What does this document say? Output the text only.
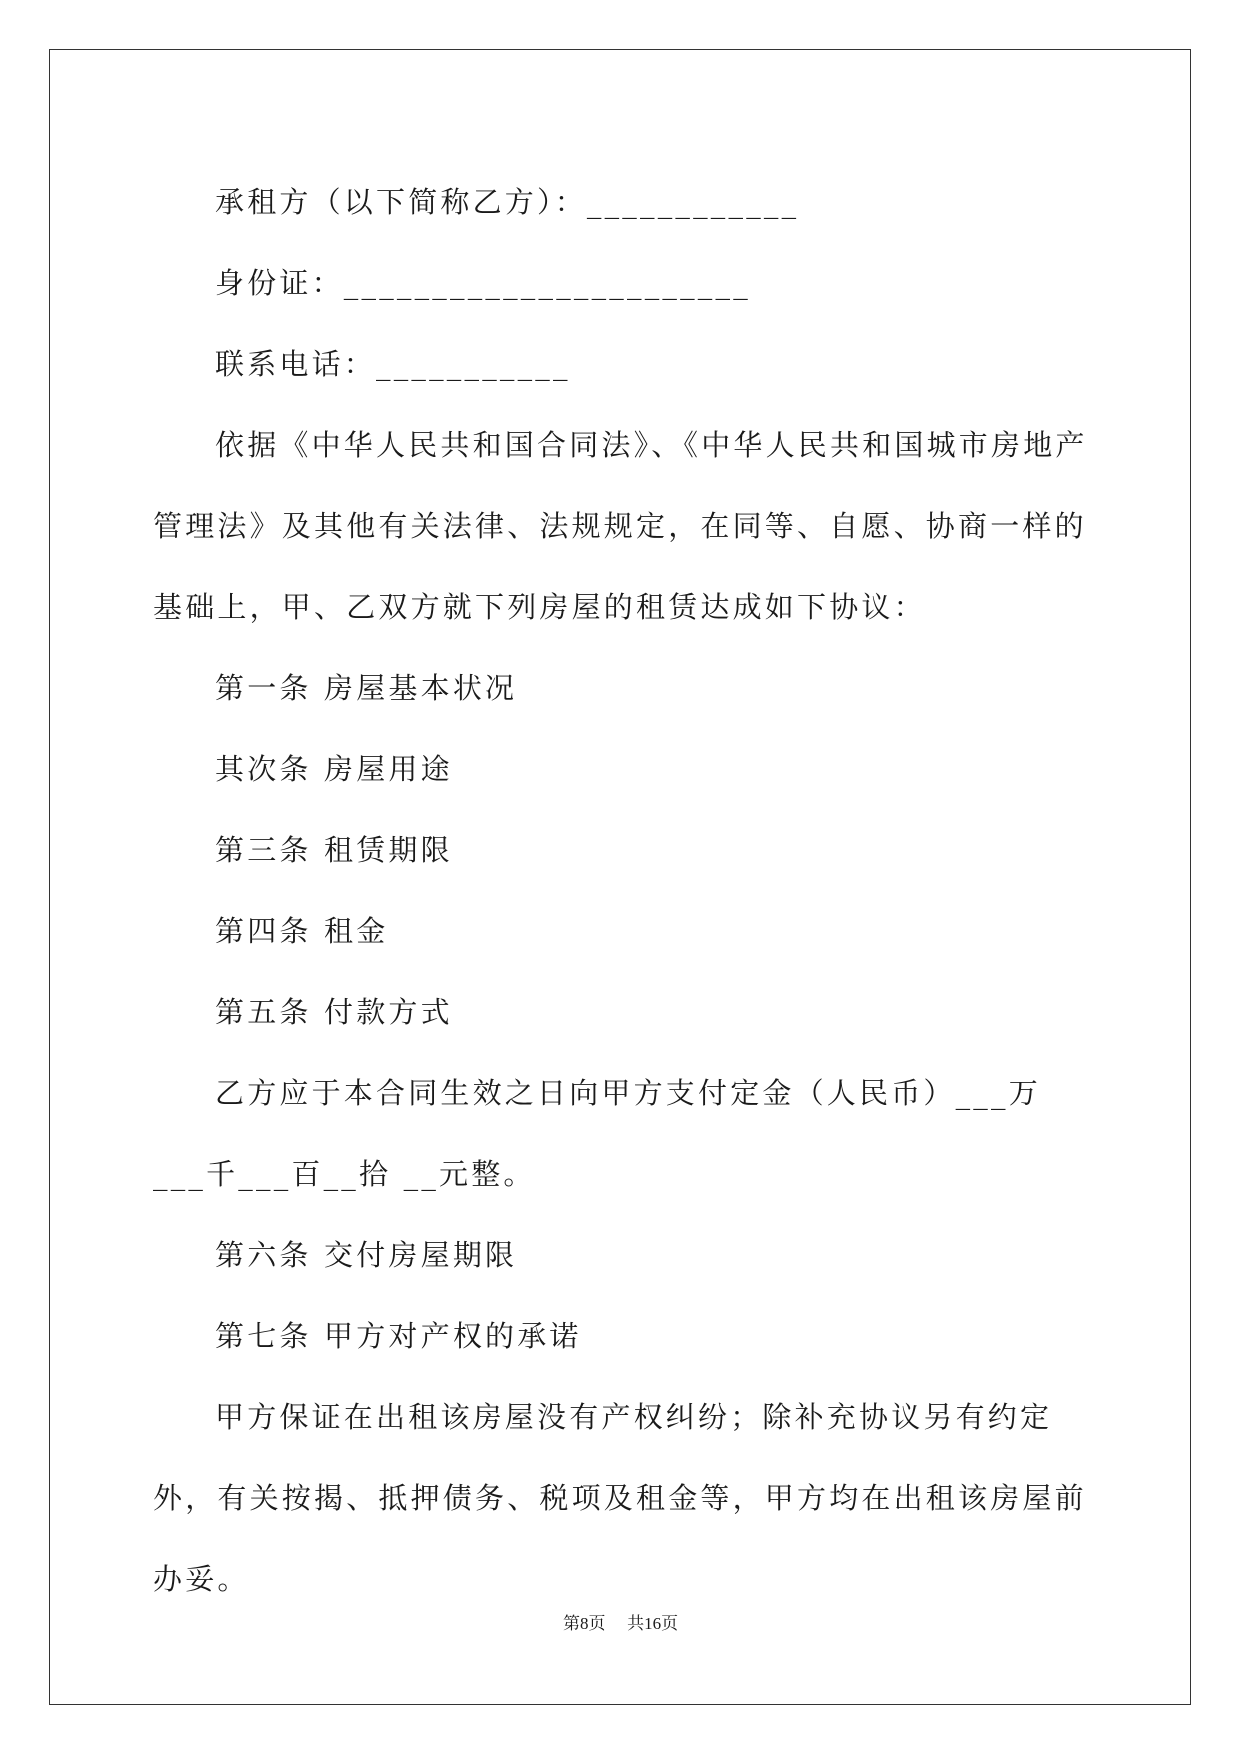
承租方（以下简称乙方）：____________

身份证：_______________________

联系电话：___________

依据《中华人民共和国合同法》、《中华人民共和国城市房地产管理法》及其他有关法律、法规规定，在同等、自愿、协商一样的基础上，甲、乙双方就下列房屋的租赁达成如下协议：

第一条 房屋基本状况

其次条 房屋用途

第三条 租赁期限

第四条 租金

第五条 付款方式

乙方应于本合同生效之日向甲方支付定金（人民币）___万___千___百__拾 __元整。

第六条 交付房屋期限

第七条 甲方对产权的承诺

甲方保证在出租该房屋没有产权纠纷；除补充协议另有约定外，有关按揭、抵押债务、税项及租金等，甲方均在出租该房屋前办妥。

第8页 共16页
